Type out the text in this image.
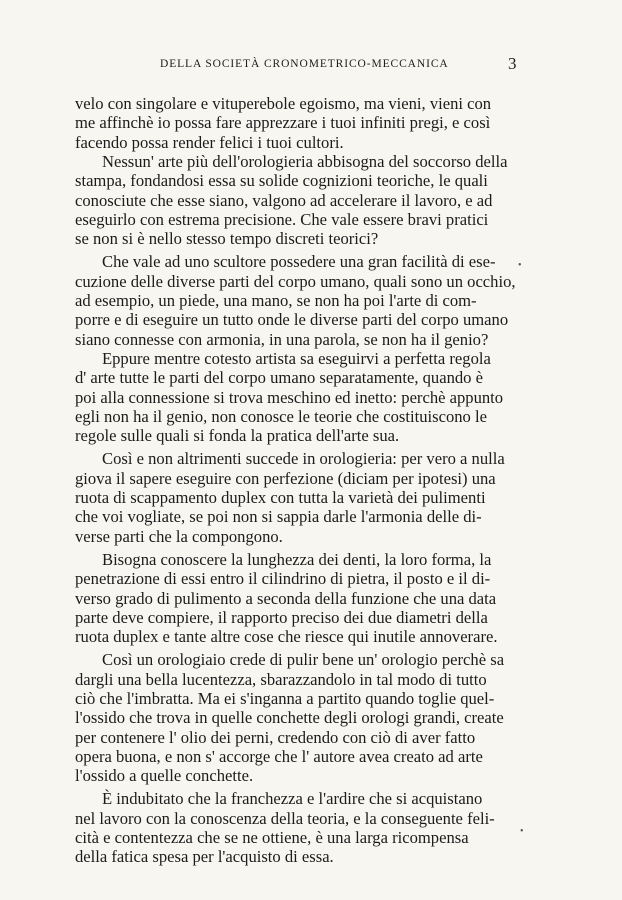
DELLA SOCIETÀ CRONOMETRICO-MECCANICA	3
velo con singolare e vituperebole egoismo, ma vieni, vieni con
me affinchè io possa fare apprezzare i tuoi infiniti pregi, e così
facendo possa render felici i tuoi cultori.
Nessun' arte più dell'orologieria abbisogna del soccorso della
stampa, fondandosi essa su solide cognizioni teoriche, le quali
conosciute che esse siano, valgono ad accelerare il lavoro, e ad
eseguirlo con estrema precisione. Che vale essere bravi pratici
se non si è nello stesso tempo discreti teorici?
Che vale ad uno scultore possedere una gran facilità di ese-
cuzione delle diverse parti del corpo umano, quali sono un occhio,
ad esempio, un piede, una mano, se non ha poi l'arte di com-
porre e di eseguire un tutto onde le diverse parti del corpo umano
siano connesse con armonia, in una parola, se non ha il genio?
Eppure mentre cotesto artista sa eseguirvi a perfetta regola
d' arte tutte le parti del corpo umano separatamente, quando è
poi alla connessione si trova meschino ed inetto: perchè appunto
egli non ha il genio, non conosce le teorie che costituiscono le
regole sulle quali si fonda la pratica dell'arte sua.
Così e non altrimenti succede in orologieria: per vero a nulla
giova il sapere eseguire con perfezione (diciam per ipotesi) una
ruota di scappamento duplex con tutta la varietà dei pulimenti
che voi vogliate, se poi non si sappia darle l'armonia delle di-
verse parti che la compongono.
Bisogna conoscere la lunghezza dei denti, la loro forma, la
penetrazione di essi entro il cilindrino di pietra, il posto e il di-
verso grado di pulimento a seconda della funzione che una data
parte deve compiere, il rapporto preciso dei due diametri della
ruota duplex e tante altre cose che riesce qui inutile annoverare.
Così un orologiaio crede di pulir bene un' orologio perchè sa
dargli una bella lucentezza, sbarazzandolo in tal modo di tutto
ciò che l'imbratta. Ma ei s'inganna a partito quando toglie quel-
l'ossido che trova in quelle conchette degli orologi grandi, create
per contenere l' olio dei perni, credendo con ciò di aver fatto
opera buona, e non s' accorge che l' autore avea creato ad arte
l'ossido a quelle conchette.
È indubitato che la franchezza e l'ardire che si acquistano
nel lavoro con la conoscenza della teoria, e la conseguente feli-
cità e contentezza che se ne ottiene, è una larga ricompensa
della fatica spesa per l'acquisto di essa.
•
•
